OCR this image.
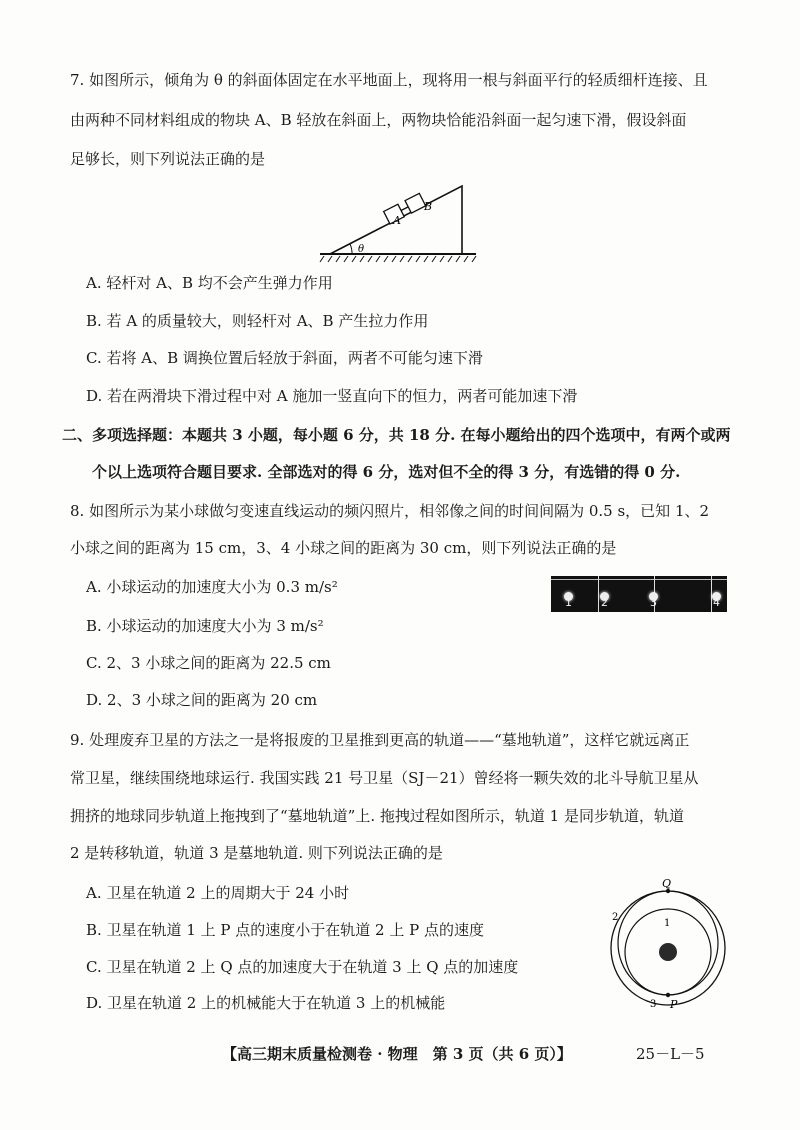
7. 如图所示，倾角为 θ 的斜面体固定在水平地面上，现将用一根与斜面平行的轻质细杆连接、且
由两种不同材料组成的物块 A、B 轻放在斜面上，两物块恰能沿斜面一起匀速下滑，假设斜面
足够长，则下列说法正确的是
A
B
θ
A. 轻杆对 A、B 均不会产生弹力作用
B. 若 A 的质量较大，则轻杆对 A、B 产生拉力作用
C. 若将 A、B 调换位置后轻放于斜面，两者不可能匀速下滑
D. 若在两滑块下滑过程中对 A 施加一竖直向下的恒力，两者可能加速下滑
二、多项选择题：本题共 3 小题，每小题 6 分，共 18 分. 在每小题给出的四个选项中，有两个或两
个以上选项符合题目要求. 全部选对的得 6 分，选对但不全的得 3 分，有选错的得 0 分.
8. 如图所示为某小球做匀变速直线运动的频闪照片，相邻像之间的时间间隔为 0.5 s，已知 1、2
小球之间的距离为 15 cm，3、4 小球之间的距离为 30 cm，则下列说法正确的是
1	2	3	4
A. 小球运动的加速度大小为 0.3 m/s²
B. 小球运动的加速度大小为 3 m/s²
C. 2、3 小球之间的距离为 22.5 cm
D. 2、3 小球之间的距离为 20 cm
9. 处理废弃卫星的方法之一是将报废的卫星推到更高的轨道——“墓地轨道”，这样它就远离正
常卫星，继续围绕地球运行. 我国实践 21 号卫星（SJ－21）曾经将一颗失效的北斗导航卫星从
拥挤的地球同步轨道上拖拽到了“墓地轨道”上. 拖拽过程如图所示，轨道 1 是同步轨道，轨道
2 是转移轨道，轨道 3 是墓地轨道. 则下列说法正确的是
Q
P
1
2
3
A. 卫星在轨道 2 上的周期大于 24 小时
B. 卫星在轨道 1 上 P 点的速度小于在轨道 2 上 P 点的速度
C. 卫星在轨道 2 上 Q 点的加速度大于在轨道 3 上 Q 点的加速度
D. 卫星在轨道 2 上的机械能大于在轨道 3 上的机械能
【高三期末质量检测卷 · 物理　第 3 页（共 6 页）】	25－L－5
